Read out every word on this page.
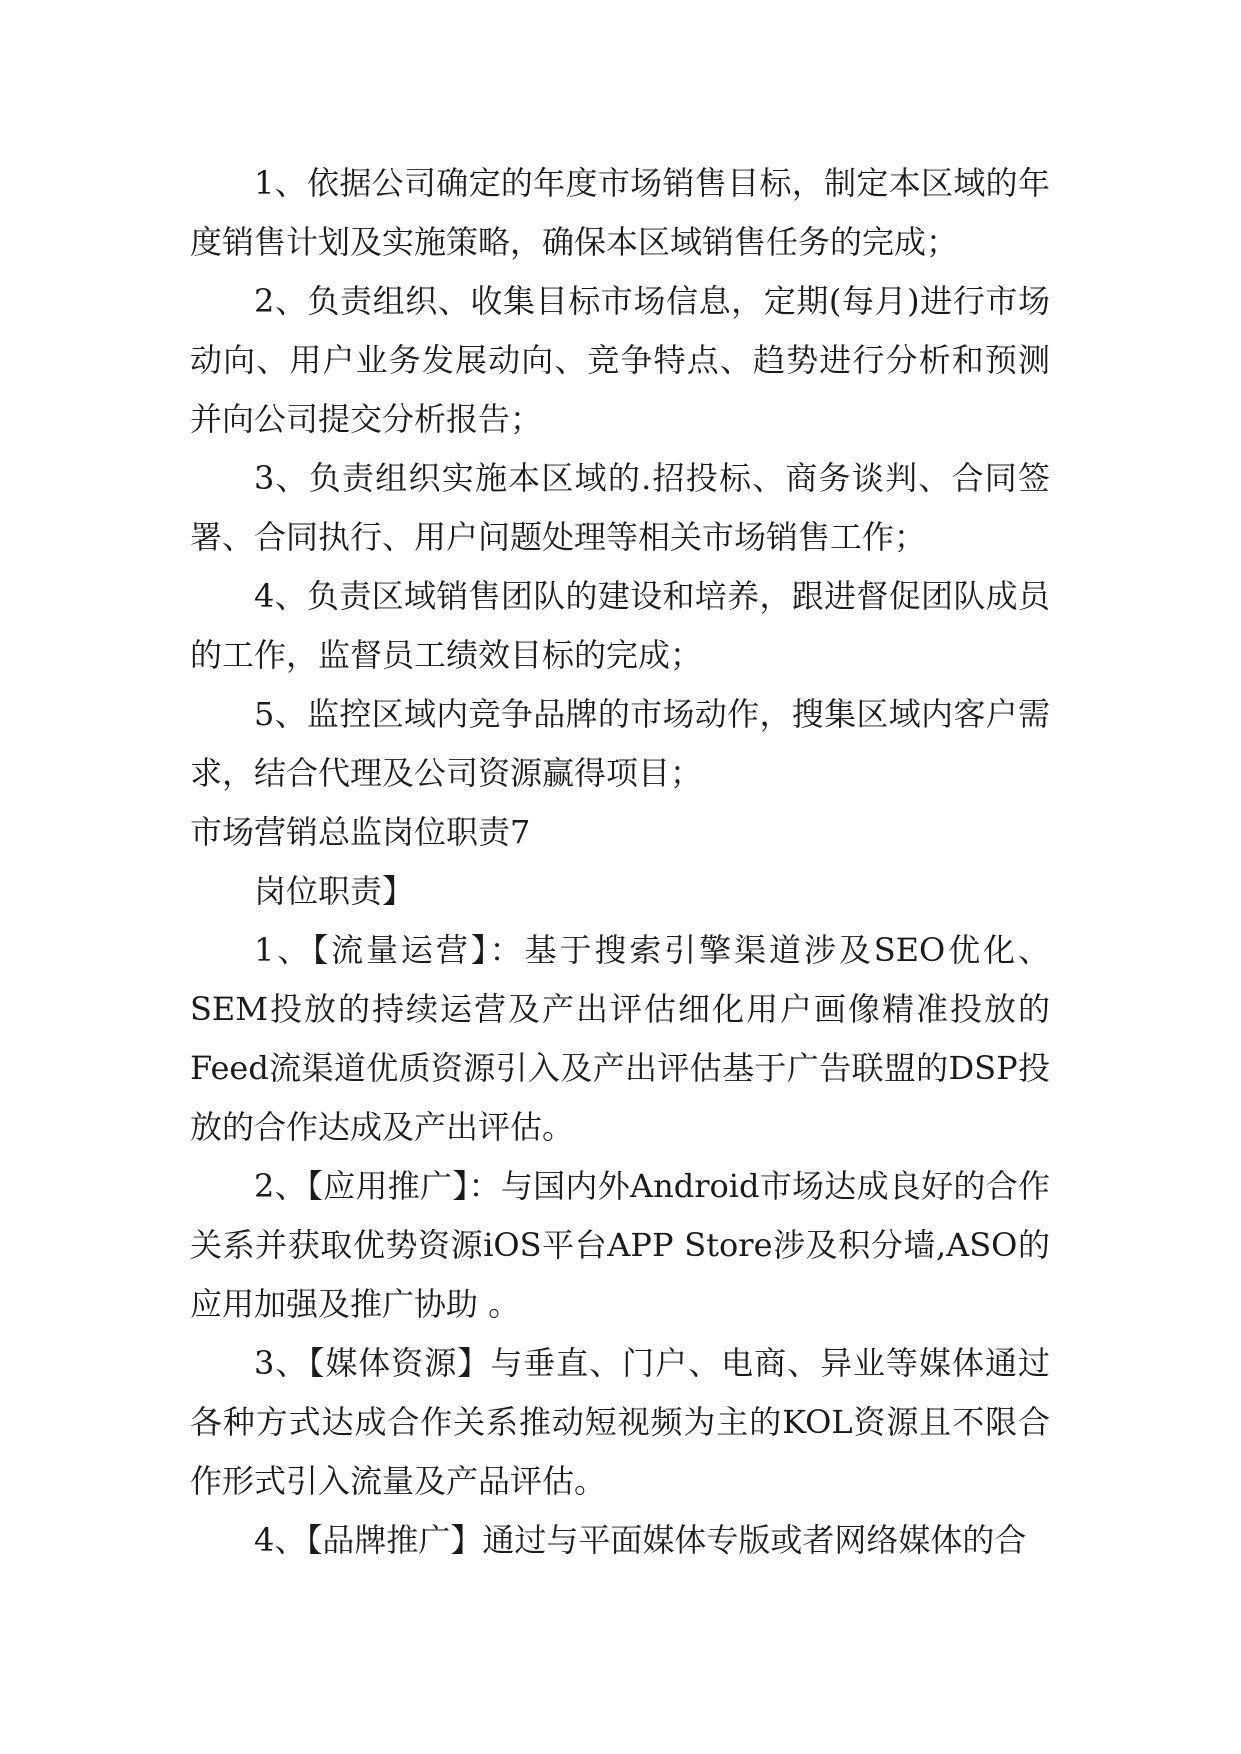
1、依据公司确定的年度市场销售目标，制定本区域的年度销售计划及实施策略，确保本区域销售任务的完成；

2、负责组织、收集目标市场信息，定期(每月)进行市场动向、用户业务发展动向、竞争特点、趋势进行分析和预测并向公司提交分析报告；

3、负责组织实施本区域的.招投标、商务谈判、合同签署、合同执行、用户问题处理等相关市场销售工作；

4、负责区域销售团队的建设和培养，跟进督促团队成员的工作，监督员工绩效目标的完成；

5、监控区域内竞争品牌的市场动作，搜集区域内客户需求，结合代理及公司资源赢得项目；

市场营销总监岗位职责7

岗位职责】

1、【流量运营】：基于搜索引擎渠道涉及SEO优化、SEM投放的持续运营及产出评估细化用户画像精准投放的Feed流渠道优质资源引入及产出评估基于广告联盟的DSP投放的合作达成及产出评估。

2、【应用推广】：与国内外Android市场达成良好的合作关系并获取优势资源iOS平台APP Store涉及积分墙,ASO的应用加强及推广协助 。

3、【媒体资源】与垂直、门户、电商、异业等媒体通过各种方式达成合作关系推动短视频为主的KOL资源且不限合作形式引入流量及产品评估。

4、【品牌推广】通过与平面媒体专版或者网络媒体的合
